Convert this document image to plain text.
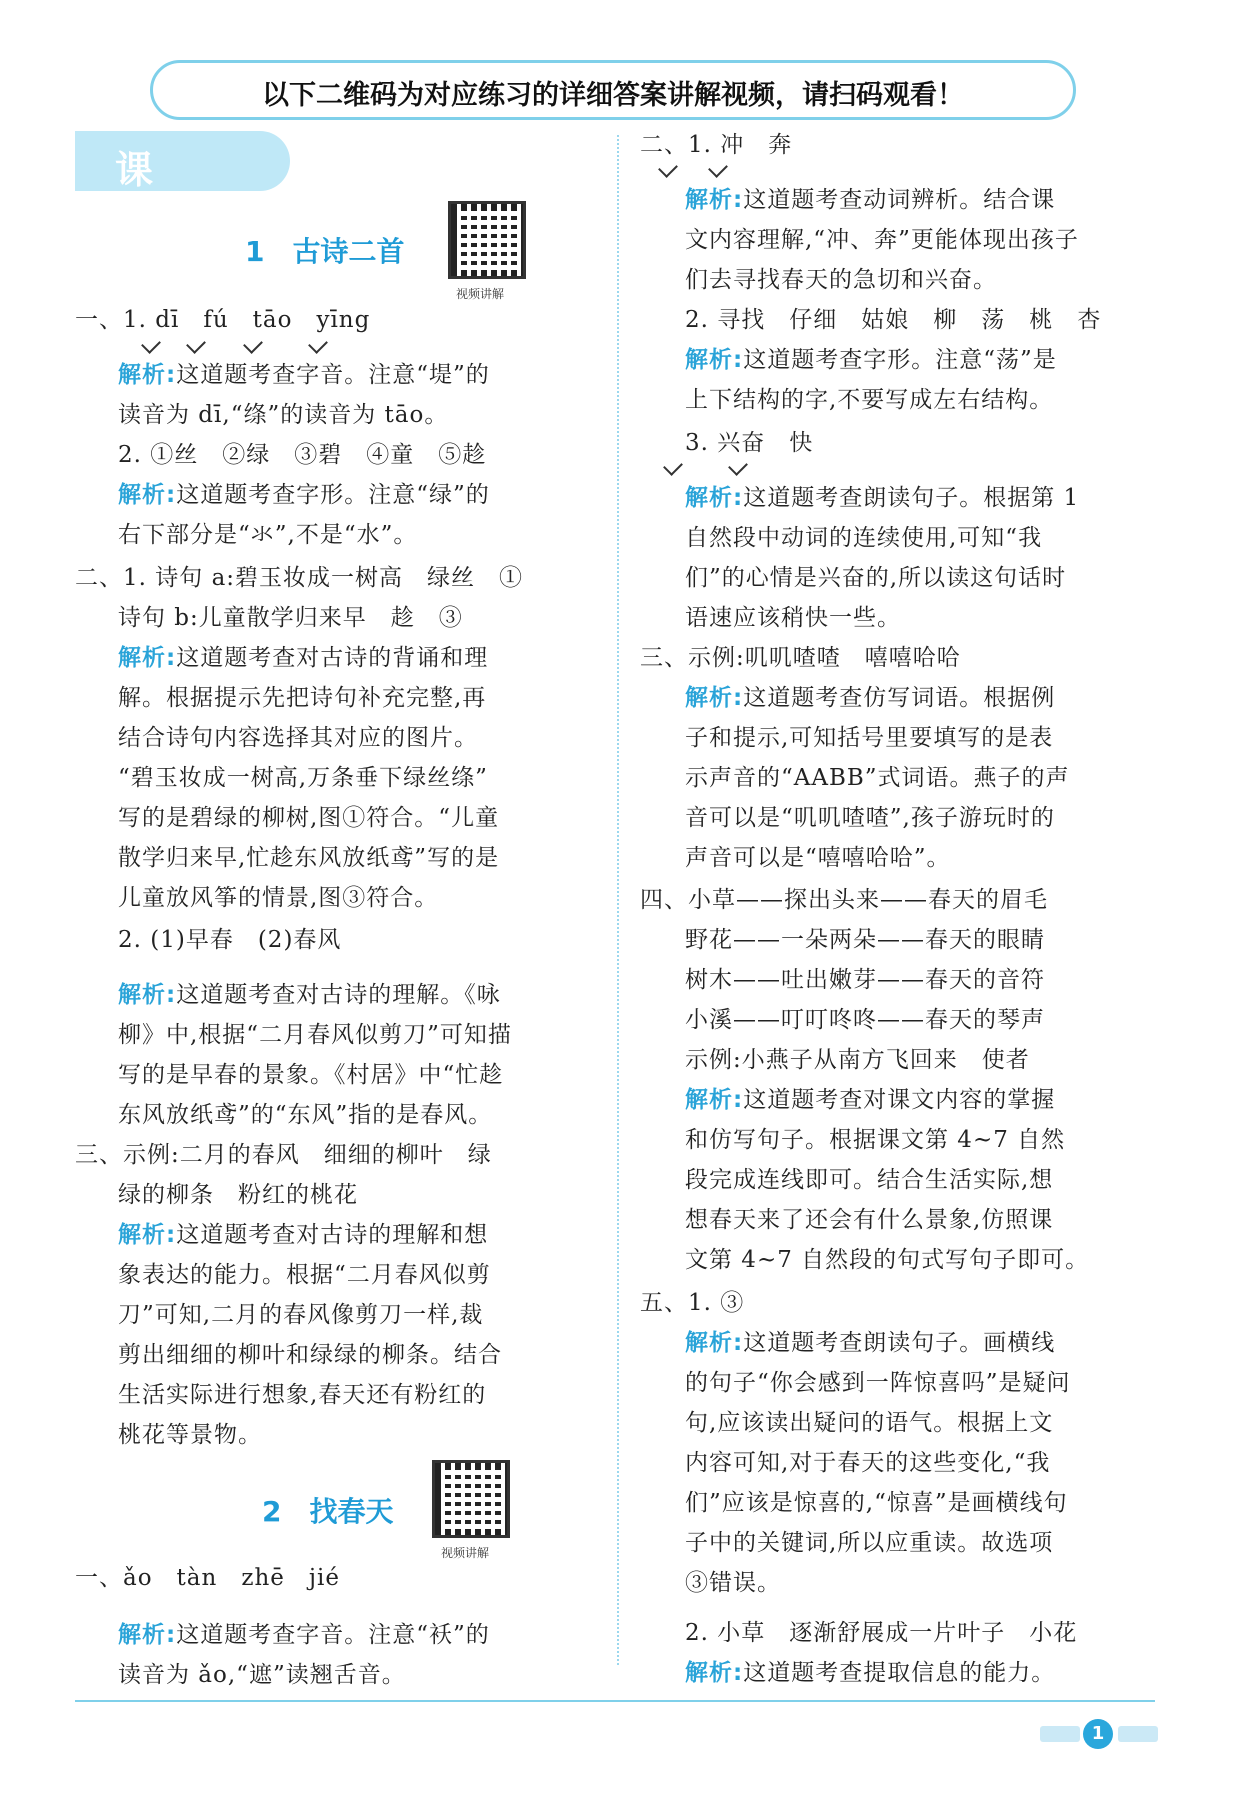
以下二维码为对应练习的详细答案讲解视频，请扫码观看！
课 文
1　古诗二首
视频讲解
2　找春天
视频讲解
1
一、1. dī　fú　tāo　yīng
解析:这道题考查字音。注意“堤”的
读音为 dī,“绦”的读音为 tāo。
2. ①丝　②绿　③碧　④童　⑤趁
解析:这道题考查字形。注意“绿”的
右下部分是“氺”,不是“水”。
二、1. 诗句 a:碧玉妆成一树高　绿丝　①
诗句 b:儿童散学归来早　趁　③
解析:这道题考查对古诗的背诵和理
解。根据提示先把诗句补充完整,再
结合诗句内容选择其对应的图片。
“碧玉妆成一树高,万条垂下绿丝绦”
写的是碧绿的柳树,图①符合。“儿童
散学归来早,忙趁东风放纸鸢”写的是
儿童放风筝的情景,图③符合。
2. (1)早春　(2)春风
解析:这道题考查对古诗的理解。《咏
柳》中,根据“二月春风似剪刀”可知描
写的是早春的景象。《村居》中“忙趁
东风放纸鸢”的“东风”指的是春风。
三、示例:二月的春风　细细的柳叶　绿
绿的柳条　粉红的桃花
解析:这道题考查对古诗的理解和想
象表达的能力。根据“二月春风似剪
刀”可知,二月的春风像剪刀一样,裁
剪出细细的柳叶和绿绿的柳条。结合
生活实际进行想象,春天还有粉红的
桃花等景物。
一、ǎo　tàn　zhē　jié
解析:这道题考查字音。注意“袄”的
读音为 ǎo,“遮”读翘舌音。
二、1. 冲　奔
解析:这道题考查动词辨析。结合课
文内容理解,“冲、奔”更能体现出孩子
们去寻找春天的急切和兴奋。
2. 寻找　仔细　姑娘　柳　荡　桃　杏
解析:这道题考查字形。注意“荡”是
上下结构的字,不要写成左右结构。
3. 兴奋　快
解析:这道题考查朗读句子。根据第 1
自然段中动词的连续使用,可知“我
们”的心情是兴奋的,所以读这句话时
语速应该稍快一些。
三、示例:叽叽喳喳　嘻嘻哈哈
解析:这道题考查仿写词语。根据例
子和提示,可知括号里要填写的是表
示声音的“AABB”式词语。燕子的声
音可以是“叽叽喳喳”,孩子游玩时的
声音可以是“嘻嘻哈哈”。
四、小草——探出头来——春天的眉毛
野花——一朵两朵——春天的眼睛
树木——吐出嫩芽——春天的音符
小溪——叮叮咚咚——春天的琴声
示例:小燕子从南方飞回来　使者
解析:这道题考查对课文内容的掌握
和仿写句子。根据课文第 4~7 自然
段完成连线即可。结合生活实际,想
想春天来了还会有什么景象,仿照课
文第 4~7 自然段的句式写句子即可。
五、1. ③
解析:这道题考查朗读句子。画横线
的句子“你会感到一阵惊喜吗”是疑问
句,应该读出疑问的语气。根据上文
内容可知,对于春天的这些变化,“我
们”应该是惊喜的,“惊喜”是画横线句
子中的关键词,所以应重读。故选项
③错误。
2. 小草　逐渐舒展成一片叶子　小花
解析:这道题考查提取信息的能力。
